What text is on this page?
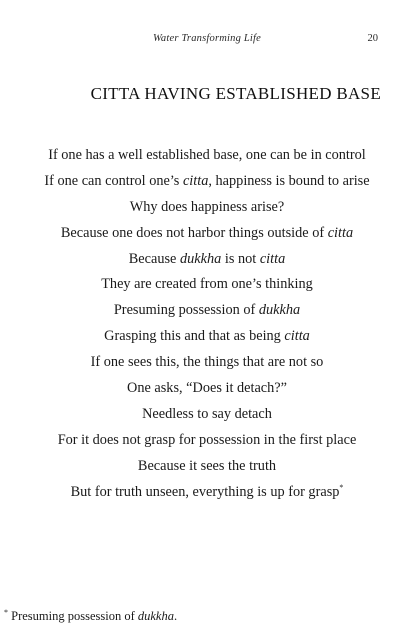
Water Transforming Life	20
CITTA HAVING ESTABLISHED BASE
If one has a well established base, one can be in control
If one can control one’s citta, happiness is bound to arise
Why does happiness arise?
Because one does not harbor things outside of citta
Because dukkha is not citta
They are created from one’s thinking
Presuming possession of dukkha
Grasping this and that as being citta
If one sees this, the things that are not so
One asks, “Does it detach?”
Needless to say detach
For it does not grasp for possession in the first place
Because it sees the truth
But for truth unseen, everything is up for grasp*
* Presuming possession of dukkha.
